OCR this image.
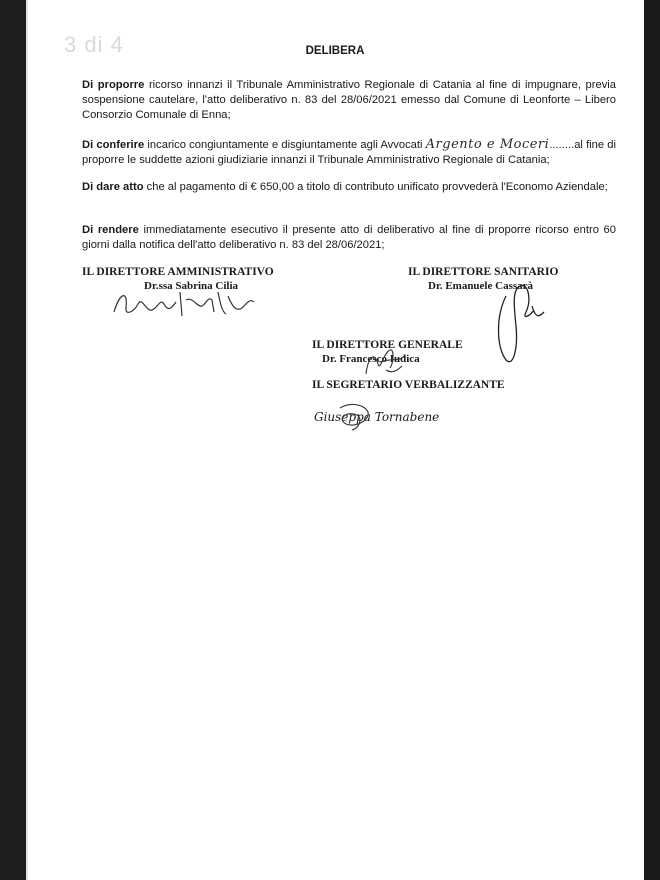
3 di 4	DELIBERA
Di proporre ricorso innanzi il Tribunale Amministrativo Regionale di Catania al fine di impugnare, previa sospensione cautelare, l'atto deliberativo n. 83 del 28/06/2021 emesso dal Comune di Leonforte – Libero Consorzio Comunale di Enna;
Di conferire incarico congiuntamente e disgiuntamente agli Avvocati Argento e Moceri........al fine di proporre le suddette azioni giudiziarie innanzi il Tribunale Amministrativo Regionale di Catania;
Di dare atto che al pagamento di € 650,00 a titolo di contributo unificato provvederà l'Economo Aziendale;
Di rendere immediatamente esecutivo il presente atto di deliberativo al fine di proporre ricorso entro 60 giorni dalla notifica dell'atto deliberativo n. 83 del 28/06/2021;
IL DIRETTORE AMMINISTRATIVO
Dr.ssa Sabrina Cilia
IL DIRETTORE SANITARIO
Dr. Emanuele Cassarà
IL DIRETTORE GENERALE
Dr. Francesco Iudica
IL SEGRETARIO VERBALIZZANTE
Giuseppa Tornabene
